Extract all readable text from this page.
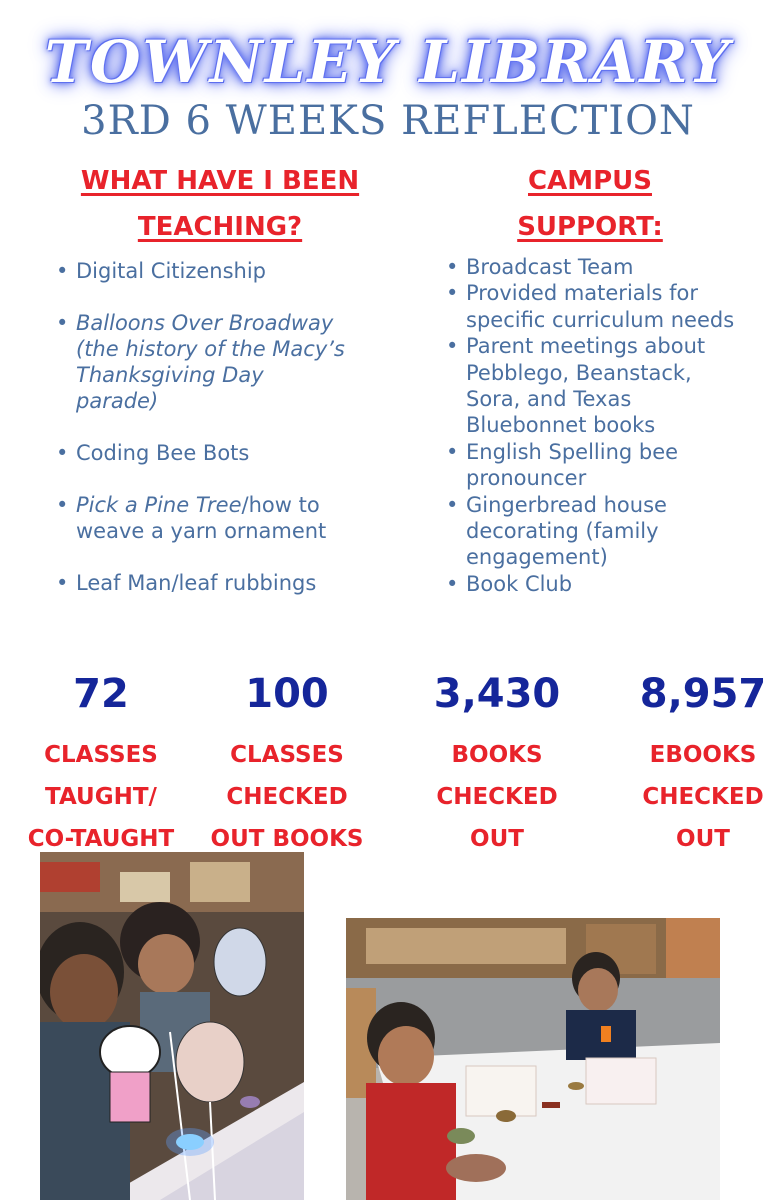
TOWNLEY LIBRARY
3RD 6 WEEKS REFLECTION
WHAT HAVE I BEEN
TEACHING?
CAMPUS
SUPPORT:
• Digital Citizenship
• Balloons Over Broadway (the history of the Macy’s Thanksgiving Day parade)
• Coding Bee Bots
• Pick a Pine Tree/how to weave a yarn ornament
• Leaf Man/leaf rubbings
• Broadcast Team
• Provided materials for specific curriculum needs
• Parent meetings about Pebblego, Beanstack, Sora, and Texas Bluebonnet books
• English Spelling bee pronouncer
• Gingerbread house decorating (family engagement)
• Book Club
72
CLASSES
TAUGHT/
CO-TAUGHT
100
CLASSES
CHECKED
OUT BOOKS
3,430
BOOKS
CHECKED
OUT
8,957
EBOOKS
CHECKED
OUT
